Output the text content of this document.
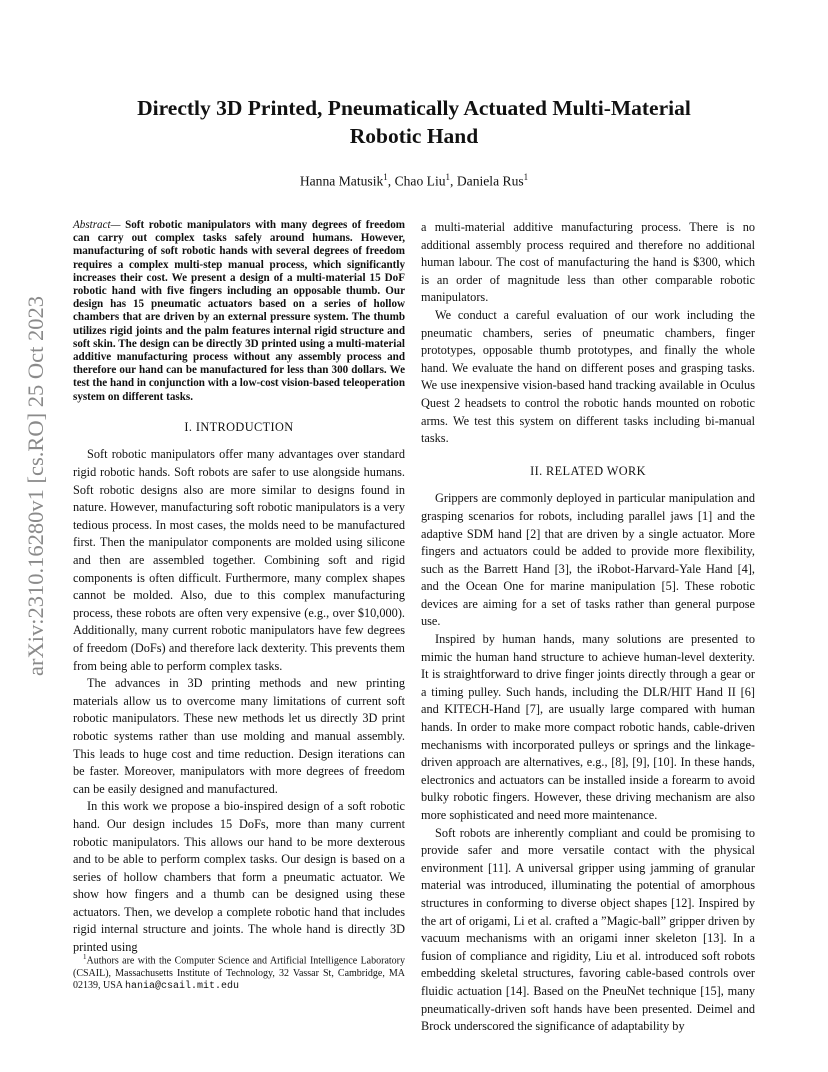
Directly 3D Printed, Pneumatically Actuated Multi-Material
Robotic Hand
Hanna Matusik$^1$, Chao Liu$^1$, Daniela Rus$^1$
arXiv:2310.16280v1 [cs.RO] 25 Oct 2023

Abstract— Soft robotic manipulators with many degrees of freedom can carry out complex tasks safely around humans. However, manufacturing of soft robotic hands with several degrees of freedom requires a complex multi-step manual process, which significantly increases their cost. We present a design of a multi-material 15 DoF robotic hand with five fingers including an opposable thumb. Our design has 15 pneumatic actuators based on a series of hollow chambers that are driven by an external pressure system. The thumb utilizes rigid joints and the palm features internal rigid structure and soft skin. The design can be directly 3D printed using a multi-material additive manufacturing process without any assembly process and therefore our hand can be manufactured for less than 300 dollars. We test the hand in conjunction with a low-cost vision-based teleoperation system on different tasks.

I. INTRODUCTION

Soft robotic manipulators offer many advantages over standard rigid robotic hands. Soft robots are safer to use alongside humans. Soft robotic designs also are more similar to designs found in nature. However, manufacturing soft robotic manipulators is a very tedious process. In most cases, the molds need to be manufactured first. Then the manipulator components are molded using silicone and then are assembled together. Combining soft and rigid components is often difficult. Furthermore, many complex shapes cannot be molded. Also, due to this complex manufacturing process, these robots are often very expensive (e.g., over $10,000). Additionally, many current robotic manipulators have few degrees of freedom (DoFs) and therefore lack dexterity. This prevents them from being able to perform complex tasks.

The advances in 3D printing methods and new printing materials allow us to overcome many limitations of current soft robotic manipulators. These new methods let us directly 3D print robotic systems rather than use molding and manual assembly. This leads to huge cost and time reduction. Design iterations can be faster. Moreover, manipulators with more degrees of freedom can be easily designed and manufactured.

In this work we propose a bio-inspired design of a soft robotic hand. Our design includes 15 DoFs, more than many current robotic manipulators. This allows our hand to be more dexterous and to be able to perform complex tasks. Our design is based on a series of hollow chambers that form a pneumatic actuator. We show how fingers and a thumb can be designed using these actuators. Then, we develop a complete robotic hand that includes rigid internal structure and joints. The whole hand is directly 3D printed using

a multi-material additive manufacturing process. There is no additional assembly process required and therefore no additional human labour. The cost of manufacturing the hand is $300, which is an order of magnitude less than other comparable robotic manipulators.

We conduct a careful evaluation of our work including the pneumatic chambers, series of pneumatic chambers, finger prototypes, opposable thumb prototypes, and finally the whole hand. We evaluate the hand on different poses and grasping tasks. We use inexpensive vision-based hand tracking available in Oculus Quest 2 headsets to control the robotic hands mounted on robotic arms. We test this system on different tasks including bi-manual tasks.

II. RELATED WORK

Grippers are commonly deployed in particular manipulation and grasping scenarios for robots, including parallel jaws [1] and the adaptive SDM hand [2] that are driven by a single actuator. More fingers and actuators could be added to provide more flexibility, such as the Barrett Hand [3], the iRobot-Harvard-Yale Hand [4], and the Ocean One for marine manipulation [5]. These robotic devices are aiming for a set of tasks rather than general purpose use.

Inspired by human hands, many solutions are presented to mimic the human hand structure to achieve human-level dexterity. It is straightforward to drive finger joints directly through a gear or a timing pulley. Such hands, including the DLR/HIT Hand II [6] and KITECH-Hand [7], are usually large compared with human hands. In order to make more compact robotic hands, cable-driven mechanisms with incorporated pulleys or springs and the linkage-driven approach are alternatives, e.g., [8], [9], [10]. In these hands, electronics and actuators can be installed inside a forearm to avoid bulky robotic fingers. However, these driving mechanism are also more sophisticated and need more maintenance.

Soft robots are inherently compliant and could be promising to provide safer and more versatile contact with the physical environment [11]. A universal gripper using jamming of granular material was introduced, illuminating the potential of amorphous structures in conforming to diverse object shapes [12]. Inspired by the art of origami, Li et al. crafted a ”Magic-ball” gripper driven by vacuum mechanisms with an origami inner skeleton [13]. In a fusion of compliance and rigidity, Liu et al. introduced soft robots embedding skeletal structures, favoring cable-based controls over fluidic actuation [14]. Based on the PneuNet technique [15], many pneumatically-driven soft hands have been presented. Deimel and Brock underscored the significance of adaptability by

$^1$Authors are with the Computer Science and Artificial Intelligence Laboratory (CSAIL), Massachusetts Institute of Technology, 32 Vassar St, Cambridge, MA 02139, USA hania@csail.mit.edu
